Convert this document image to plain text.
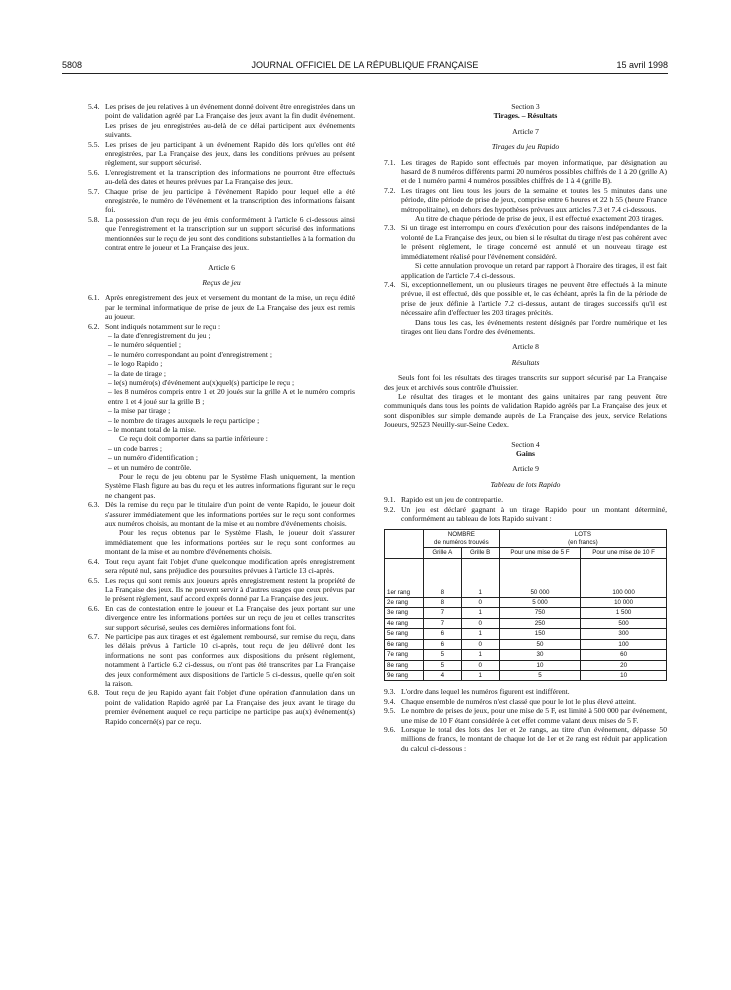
5808	JOURNAL OFFICIEL DE LA RÉPUBLIQUE FRANÇAISE	15 avril 1998

5.4. Les prises de jeu relatives à un événement donné doivent être enregistrées dans un point de validation agréé par La Française des jeux avant la fin dudit événement. Les prises de jeu enregistrées au-delà de ce délai participent aux événements suivants.

5.5. Les prises de jeu participant à un événement Rapido dès lors qu'elles ont été enregistrées, par La Française des jeux, dans les conditions prévues au présent règlement, sur support sécurisé.

5.6. L'enregistrement et la transcription des informations ne pourront être effectués au-delà des dates et heures prévues par La Française des jeux.

5.7. Chaque prise de jeu participe à l'événement Rapido pour lequel elle a été enregistrée, le numéro de l'événement et la transcription des informations faisant foi.

5.8. La possession d'un reçu de jeu émis conformément à l'article 6 ci-dessous ainsi que l'enregistrement et la transcription sur un support sécurisé des informations mentionnées sur le reçu de jeu sont des conditions substantielles à la formation du contrat entre le joueur et La Française des jeux.

Article 6

Reçus de jeu

6.1. Après enregistrement des jeux et versement du montant de la mise, un reçu édité par le terminal informatique de prise de jeux de La Française des jeux est remis au joueur.

6.2. Sont indiqués notamment sur le reçu :

– la date d'enregistrement du jeu ;

– le numéro séquentiel ;

– le numéro correspondant au point d'enregistrement ;

– le logo Rapido ;

– la date de tirage ;

– le(s) numéro(s) d'événement au(x)quel(s) participe le reçu ;

– les 8 numéros compris entre 1 et 20 joués sur la grille A et le numéro compris entre 1 et 4 joué sur la grille B ;

– la mise par tirage ;

– le nombre de tirages auxquels le reçu participe ;

– le montant total de la mise.

Ce reçu doit comporter dans sa partie inférieure :

– un code barres ;

– un numéro d'identification ;

– et un numéro de contrôle.

Pour le reçu de jeu obtenu par le Système Flash uniquement, la mention Système Flash figure au bas du reçu et les autres informations figurant sur le reçu ne changent pas.

6.3. Dès la remise du reçu par le titulaire d'un point de vente Rapido, le joueur doit s'assurer immédiatement que les informations portées sur le reçu sont conformes aux numéros choisis, au montant de la mise et au nombre d'événements choisis.

Pour les reçus obtenus par le Système Flash, le joueur doit s'assurer immédiatement que les informations portées sur le reçu sont conformes au montant de la mise et au nombre d'événements choisis.

6.4. Tout reçu ayant fait l'objet d'une quelconque modification après enregistrement sera réputé nul, sans préjudice des poursuites prévues à l'article 13 ci-après.

6.5. Les reçus qui sont remis aux joueurs après enregistrement restent la propriété de La Française des jeux. Ils ne peuvent servir à d'autres usages que ceux prévus par le présent règlement, sauf accord exprès donné par La Française des jeux.

6.6. En cas de contestation entre le joueur et La Française des jeux portant sur une divergence entre les informations portées sur un reçu de jeu et celles transcrites sur support sécurisé, seules ces dernières informations font foi.

6.7. Ne participe pas aux tirages et est également remboursé, sur remise du reçu, dans les délais prévus à l'article 10 ci-après, tout reçu de jeu délivré dont les informations ne sont pas conformes aux dispositions du présent règlement, notamment à l'article 6.2 ci-dessus, ou n'ont pas été transcrites par La Française des jeux conformément aux dispositions de l'article 5 ci-dessus, quelle qu'en soit la raison.

6.8. Tout reçu de jeu Rapido ayant fait l'objet d'une opération d'annulation dans un point de validation Rapido agréé par La Française des jeux avant le tirage du premier événement auquel ce reçu participe ne participe pas au(x) événement(s) Rapido concerné(s) par ce reçu.

Section 3

Tirages. – Résultats

Article 7

Tirages du jeu Rapido

7.1. Les tirages de Rapido sont effectués par moyen informatique, par désignation au hasard de 8 numéros différents parmi 20 numéros possibles chiffrés de 1 à 20 (grille A) et de 1 numéro parmi 4 numéros possibles chiffrés de 1 à 4 (grille B).

7.2. Les tirages ont lieu tous les jours de la semaine et toutes les 5 minutes dans une période, dite période de prise de jeux, comprise entre 6 heures et 22 h 55 (heure France métropolitaine), en dehors des hypothèses prévues aux articles 7.3 et 7.4 ci-dessous.

Au titre de chaque période de prise de jeux, il est effectué exactement 203 tirages.

7.3. Si un tirage est interrompu en cours d'exécution pour des raisons indépendantes de la volonté de La Française des jeux, ou bien si le résultat du tirage n'est pas cohérent avec le présent règlement, le tirage concerné est annulé et un nouveau tirage est immédiatement réalisé pour l'événement considéré.

Si cette annulation provoque un retard par rapport à l'horaire des tirages, il est fait application de l'article 7.4 ci-dessous.

7.4. Si, exceptionnellement, un ou plusieurs tirages ne peuvent être effectués à la minute prévue, il est effectué, dès que possible et, le cas échéant, après la fin de la période de prise de jeux définie à l'article 7.2 ci-dessus, autant de tirages successifs qu'il est nécessaire afin d'effectuer les 203 tirages précités.

Dans tous les cas, les événements restent désignés par l'ordre numérique et les tirages ont lieu dans l'ordre des événements.

Article 8

Résultats

Seuls font foi les résultats des tirages transcrits sur support sécurisé par La Française des jeux et archivés sous contrôle d'huissier.

Le résultat des tirages et le montant des gains unitaires par rang peuvent être communiqués dans tous les points de validation Rapido agréés par La Française des jeux et sont disponibles sur simple demande auprès de La Française des jeux, service Relations Joueurs, 92523 Neuilly-sur-Seine Cedex.

Section 4

Gains

Article 9

Tableau de lots Rapido

9.1. Rapido est un jeu de contrepartie.

9.2. Un jeu est déclaré gagnant à un tirage Rapido pour un montant déterminé, conformément au tableau de lots Rapido suivant :

	NOMBRE
de numéros trouvés		LOTS
(en francs)	
	Grille A	Grille B	Pour une mise de 5 F	Pour une mise de 10 F
1er rang	8	1	50 000	100 000
2e rang	8	0	5 000	10 000
3e rang	7	1	750	1 500
4e rang	7	0	250	500
5e rang	6	1	150	300
6e rang	6	0	50	100
7e rang	5	1	30	60
8e rang	5	0	10	20
9e rang	4	1	5	10

9.3. L'ordre dans lequel les numéros figurent est indifférent.

9.4. Chaque ensemble de numéros n'est classé que pour le lot le plus élevé atteint.

9.5. Le nombre de prises de jeux, pour une mise de 5 F, est limité à 500 000 par événement, une mise de 10 F étant considérée à cet effet comme valant deux mises de 5 F.

9.6. Lorsque le total des lots des 1er et 2e rangs, au titre d'un événement, dépasse 50 millions de francs, le montant de chaque lot de 1er et 2e rang est réduit par application du calcul ci-dessous :
